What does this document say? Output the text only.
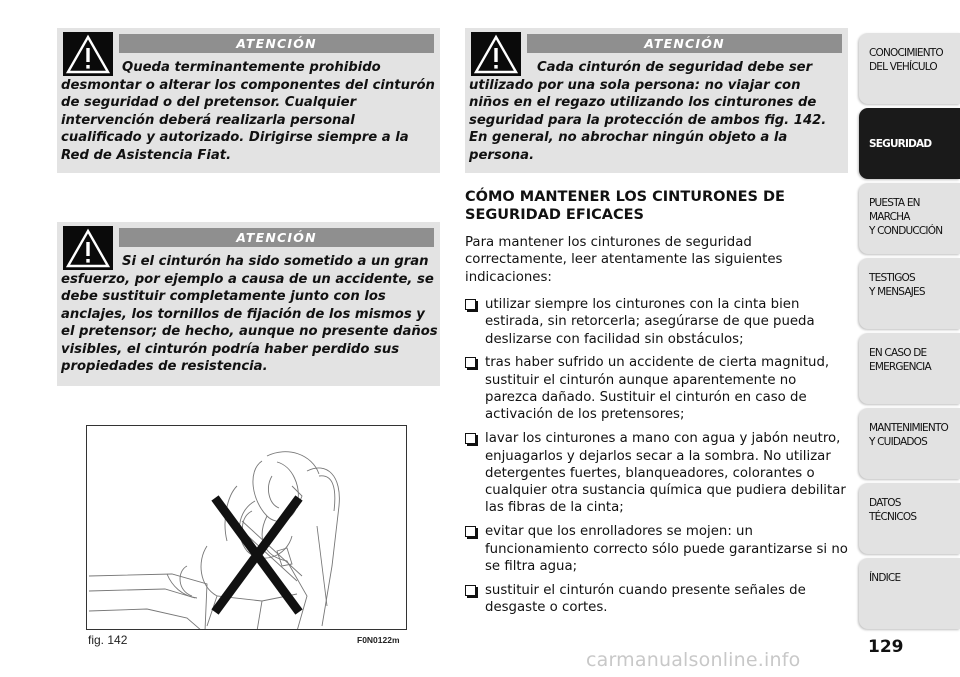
ATENCIÓN
Queda terminantemente prohibido
desmontar o alterar los componentes del cinturón de seguridad o del pretensor. Cualquier intervención deberá realizarla personal cualificado y autorizado. Dirigirse siempre a la Red de Asistencia Fiat.
ATENCIÓN
Si el cinturón ha sido sometido a un gran
esfuerzo, por ejemplo a causa de un accidente, se debe sustituir completamente junto con los anclajes, los tornillos de fijación de los mismos y el pretensor; de hecho, aunque no presente daños visibles, el cinturón podría haber perdido sus propiedades de resistencia.
ATENCIÓN
Cada cinturón de seguridad debe ser
utilizado por una sola persona: no viajar con niños en el regazo utilizando los cinturones de seguridad para la protección de ambos fig. 142. En general, no abrochar ningún objeto a la persona.
fig. 142	F0N0122m
CÓMO MANTENER LOS CINTURONES DE SEGURIDAD EFICACES
Para mantener los cinturones de seguridad correctamente, leer atentamente las siguientes indicaciones:
utilizar siempre los cinturones con la cinta bien estirada, sin retorcerla; asegúrarse de que pueda deslizarse con facilidad sin obstáculos;
tras haber sufrido un accidente de cierta magnitud, sustituir el cinturón aunque aparentemente no parezca dañado. Sustituir el cinturón en caso de activación de los pretensores;
lavar los cinturones a mano con agua y jabón neutro, enjuagarlos y dejarlos secar a la sombra. No utilizar detergentes fuertes, blanqueadores, colorantes o cualquier otra sustancia química que pudiera debilitar las fibras de la cinta;
evitar que los enrolladores se mojen: un funcionamiento correcto sólo puede garantizarse si no se filtra agua;
sustituir el cinturón cuando presente señales de desgaste o cortes.
CONOCIMIENTO
DEL VEHÍCULO
SEGURIDAD
PUESTA EN
MARCHA
Y CONDUCCIÓN
TESTIGOS
Y MENSAJES
EN CASO DE
EMERGENCIA
MANTENIMIENTO
Y CUIDADOS
DATOS
TÉCNICOS
ÍNDICE
129
carmanualsonline.info
